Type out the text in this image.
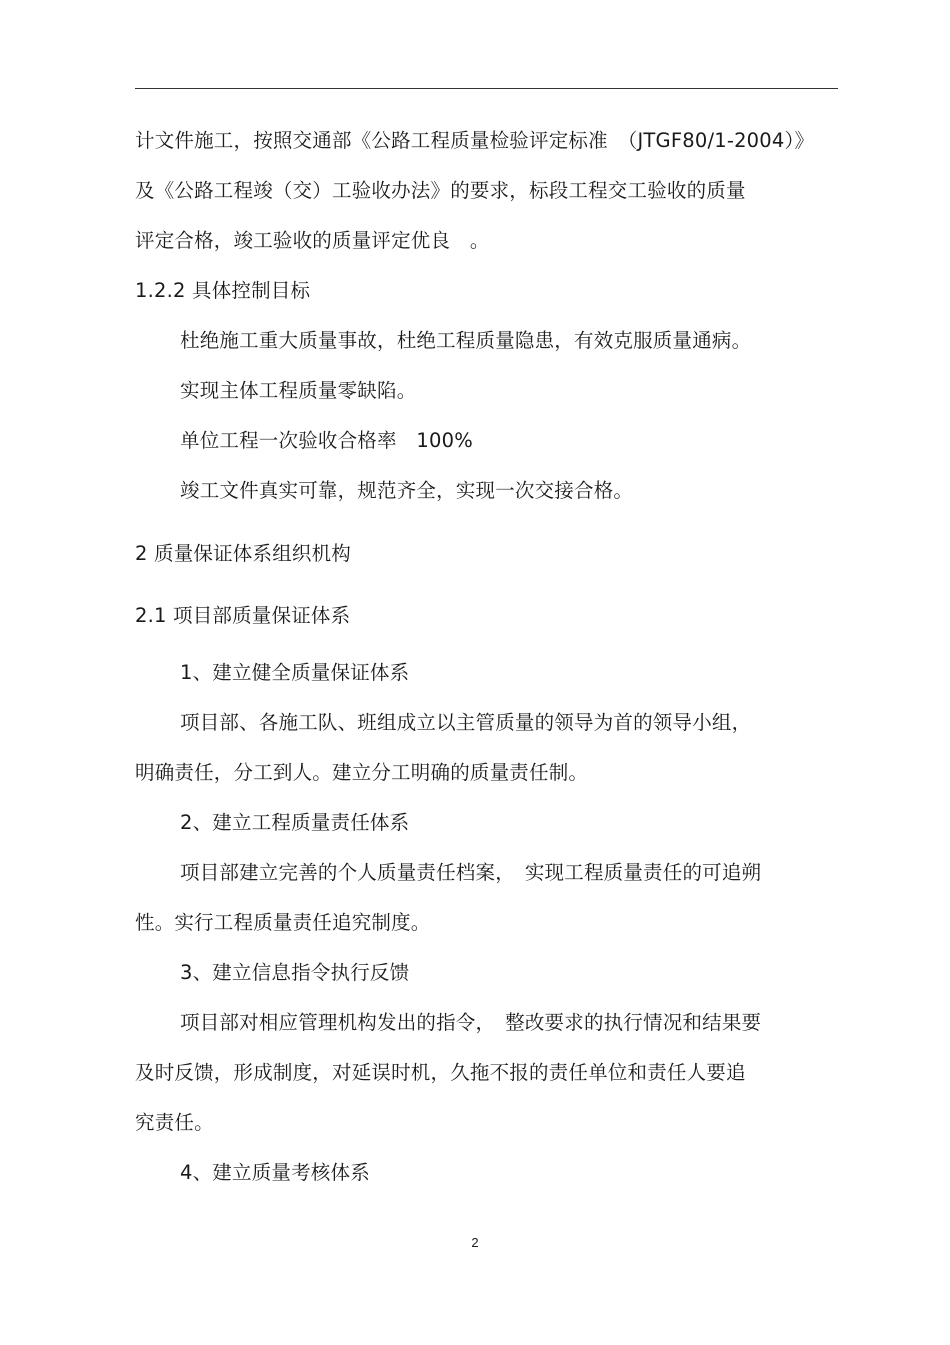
计文件施工，按照交通部《公路工程质量检验评定标准　（JTGF80/1-2004）》
及《公路工程竣（交）工验收办法》的要求，标段工程交工验收的质量
评定合格，竣工验收的质量评定优良　。
1.2.2 具体控制目标
杜绝施工重大质量事故，杜绝工程质量隐患，有效克服质量通病。
实现主体工程质量零缺陷。
单位工程一次验收合格率　100%
竣工文件真实可靠，规范齐全，实现一次交接合格。
2 质量保证体系组织机构
2.1 项目部质量保证体系
1、建立健全质量保证体系
项目部、各施工队、班组成立以主管质量的领导为首的领导小组，
明确责任，分工到人。建立分工明确的质量责任制。
2、建立工程质量责任体系
项目部建立完善的个人质量责任档案，　实现工程质量责任的可追朔
性。实行工程质量责任追究制度。
3、建立信息指令执行反馈
项目部对相应管理机构发出的指令，　整改要求的执行情况和结果要
及时反馈，形成制度，对延误时机，久拖不报的责任单位和责任人要追
究责任。
4、建立质量考核体系
2
